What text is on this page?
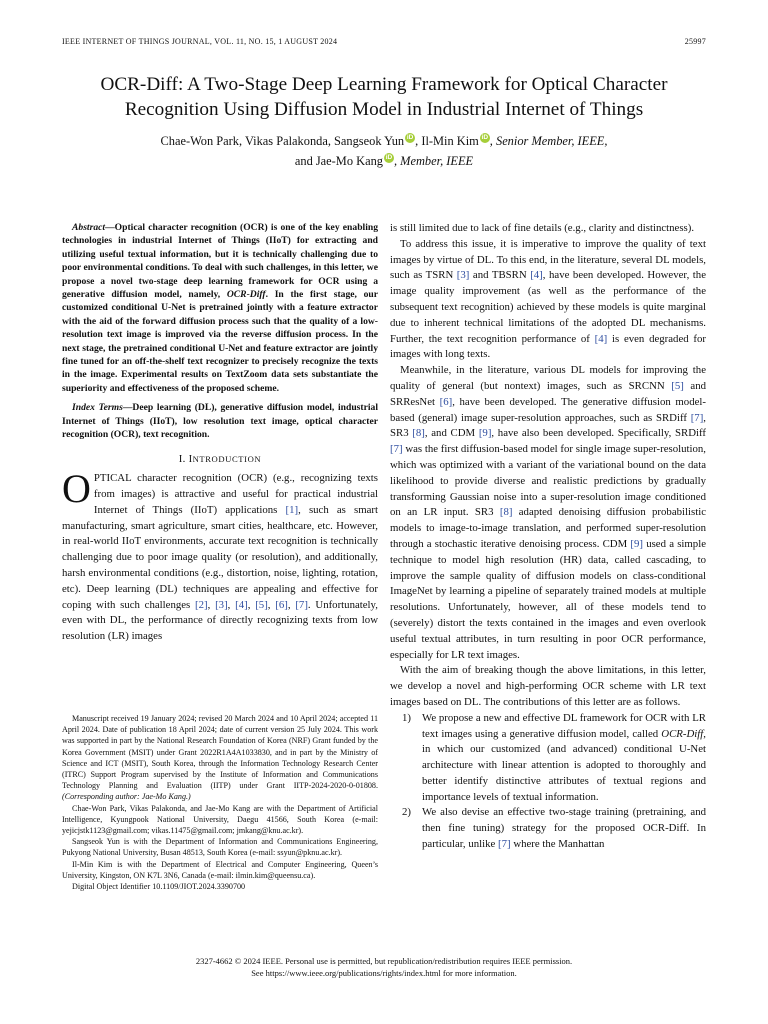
IEEE INTERNET OF THINGS JOURNAL, VOL. 11, NO. 15, 1 AUGUST 2024	25997
OCR-Diff: A Two-Stage Deep Learning Framework for Optical Character
Recognition Using Diffusion Model in Industrial Internet of Things
Chae-Won Park, Vikas Palakonda, Sangseok Yun iD , Il-Min Kim iD , Senior Member, IEEE,
and Jae-Mo Kang iD , Member, IEEE

Abstract—Optical character recognition (OCR) is one of the key enabling technologies in industrial Internet of Things (IIoT) for extracting and utilizing useful textual information, but it is technically challenging due to poor environmental conditions. To deal with such challenges, in this letter, we propose a novel two-stage deep learning framework for OCR using a generative diffusion model, namely, OCR-Diff. In the first stage, our customized conditional U-Net is pretrained jointly with a feature extractor with the aid of the forward diffusion process such that the quality of a low-resolution text image is improved via the reverse diffusion process. In the next stage, the pretrained conditional U-Net and feature extractor are jointly fine tuned for an off-the-shelf text recognizer to precisely recognize the texts in the image. Experimental results on TextZoom data sets substantiate the superiority and effectiveness of the proposed scheme.

Index Terms—Deep learning (DL), generative diffusion model, industrial Internet of Things (IIoT), low resolution text image, optical character recognition (OCR), text recognition.

I. INTRODUCTION

OPTICAL character recognition (OCR) (e.g., recognizing texts from images) is attractive and useful for practical industrial Internet of Things (IIoT) applications [1], such as smart manufacturing, smart agriculture, smart cities, healthcare, etc. However, in real-world IIoT environments, accurate text recognition is technically challenging due to poor image quality (or resolution), and additionally, harsh environmental conditions (e.g., distortion, noise, lighting, rotation, etc). Deep learning (DL) techniques are appealing and effective for coping with such challenges [2], [3], [4], [5], [6], [7]. Unfortunately, even with DL, the performance of directly recognizing texts from low resolution (LR) images

Manuscript received 19 January 2024; revised 20 March 2024 and 10 April 2024; accepted 11 April 2024. Date of publication 18 April 2024; date of current version 25 July 2024. This work was supported in part by the National Research Foundation of Korea (NRF) Grant funded by the Korea Government (MSIT) under Grant 2022R1A4A1033830, and in part by the Ministry of Science and ICT (MSIT), South Korea, through the Information Technology Research Center (ITRC) Support Program supervised by the Institute of Information and Communications Technology Planning and Evaluation (IITP) under Grant IITP-2024-2020-0-01808. (Corresponding author: Jae-Mo Kang.)

Chae-Won Park, Vikas Palakonda, and Jae-Mo Kang are with the Department of Artificial Intelligence, Kyungpook National University, Daegu 41566, South Korea (e-mail: yejicjstk1123@gmail.com; vikas.11475@gmail.com; jmkang@knu.ac.kr).

Sangseok Yun is with the Department of Information and Communications Engineering, Pukyong National University, Busan 48513, South Korea (e-mail: ssyun@pknu.ac.kr).

Il-Min Kim is with the Department of Electrical and Computer Engineering, Queen’s University, Kingston, ON K7L 3N6, Canada (e-mail: ilmin.kim@queensu.ca).

Digital Object Identifier 10.1109/JIOT.2024.3390700

is still limited due to lack of fine details (e.g., clarity and distinctness).

To address this issue, it is imperative to improve the quality of text images by virtue of DL. To this end, in the literature, several DL models, such as TSRN [3] and TBSRN [4], have been developed. However, the image quality improvement (as well as the performance of the subsequent text recognition) achieved by these models is quite marginal due to inherent technical limitations of the adopted DL mechanisms. Further, the text recognition performance of [4] is even degraded for images with long texts.

Meanwhile, in the literature, various DL models for improving the quality of general (but nontext) images, such as SRCNN [5] and SRResNet [6], have been developed. The generative diffusion model-based (general) image super-resolution approaches, such as SRDiff [7], SR3 [8], and CDM [9], have also been developed. Specifically, SRDiff [7] was the first diffusion-based model for single image super-resolution, which was optimized with a variant of the variational bound on the data likelihood to provide diverse and realistic predictions by gradually transforming Gaussian noise into a super-resolution image conditioned on an LR input. SR3 [8] adapted denoising diffusion probabilistic models to image-to-image translation, and performed super-resolution through a stochastic iterative denoising process. CDM [9] used a simple technique to model high resolution (HR) data, called cascading, to improve the sample quality of diffusion models on class-conditional ImageNet by learning a pipeline of separately trained models at multiple resolutions. Unfortunately, however, all of these models tend to (severely) distort the texts contained in the images and even overlook useful textual attributes, in turn resulting in poor OCR performance, especially for LR text images.

With the aim of breaking though the above limitations, in this letter, we develop a novel and high-performing OCR scheme with LR text images based on DL. The contributions of this letter are as follows.

1) We propose a new and effective DL framework for OCR with LR text images using a generative diffusion model, called OCR-Diff, in which our customized (and advanced) conditional U-Net architecture with linear attention is adopted to thoroughly and better identify distinctive attributes of textual regions and importance levels of textual information.
2) We also devise an effective two-stage training (pretraining, and then fine tuning) strategy for the proposed OCR-Diff. In particular, unlike [7] where the Manhattan
2327-4662 © 2024 IEEE. Personal use is permitted, but republication/redistribution requires IEEE permission.
See https://www.ieee.org/publications/rights/index.html for more information.
